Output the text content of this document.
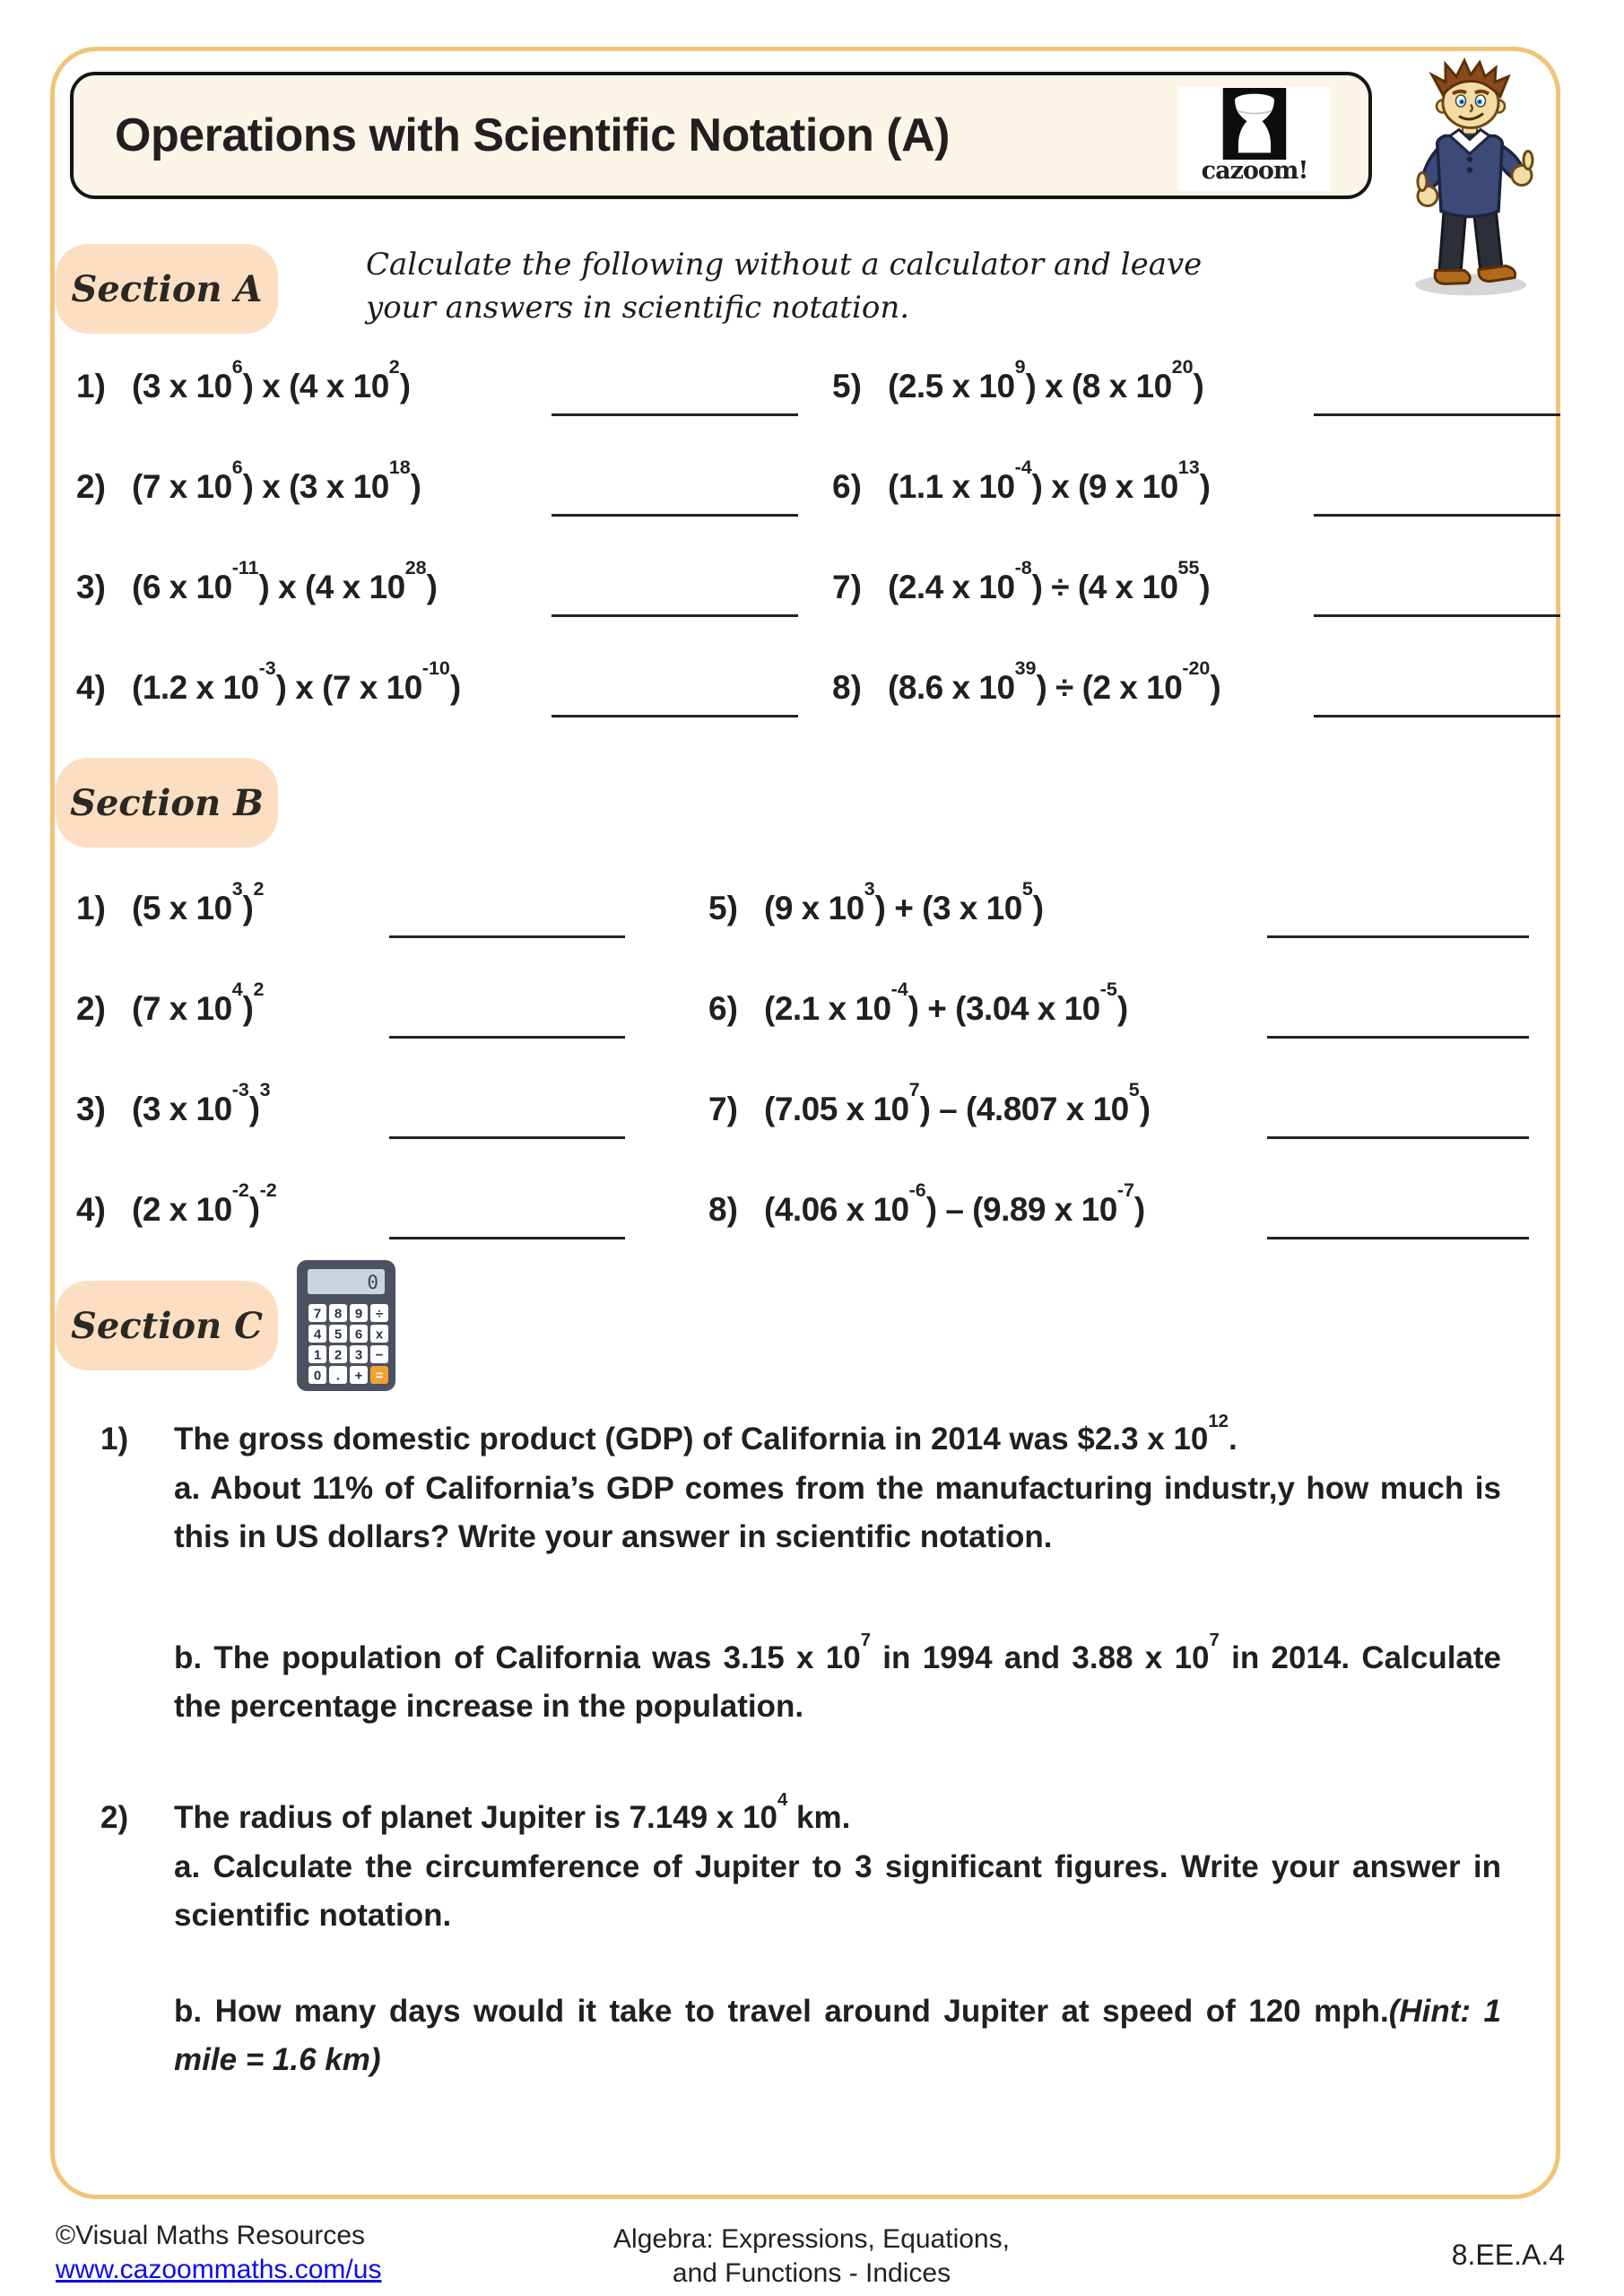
Operations with Scientific Notation (A)
cazoom!
Section A
Calculate the following without a calculator and leave your answers in scientific notation.
1) (3 x $10^6$) x (4 x $10^2$)
2) (7 x $10^6$) x (3 x $10^{18}$)
3) (6 x $10^{-11}$) x (4 x $10^{28}$)
4) (1.2 x $10^{-3}$) x (7 x $10^{-10}$)
5) (2.5 x $10^9$) x (8 x $10^{20}$)
6) (1.1 x $10^{-4}$) x (9 x $10^{13}$)
7) (2.4 x $10^{-8}) \div (4$ x $10^{55}$)
8) (8.6 x $10^{39}) \div (2$ x $10^{-20}$)
Section B
1) (5 x $10^3)^2$
2) (7 x $10^4)^2$
3) (3 x $10^{-3})^3$
4) (2 x $10^{-2})^{-2}$
5) (9 x $10^3) + (3$ x $10^5$)
6) (2.1 x $10^{-4}) + (3.04$ x $10^{-5}$)
7) (7.05 x $10^7) - (4.807$ x $10^5$)
8) (4.06 x $10^{-6}) - (9.89$ x $10^{-7}$)
Section C
0
7 8 9 ÷
4 5 6 x
1 2 3 −
0 . + =
1)	The gross domestic product (GDP) of California in 2014 was $2.3 x $10^{12}$.

a. About 11% of California’s GDP comes from the manufacturing industr,y how much is this in US dollars? Write your answer in scientific notation.

b. The population of California was 3.15 x $10^7$ in 1994 and 3.88 x $10^7$ in 2014. Calculate the percentage increase in the population.

2)	The radius of planet Jupiter is 7.149 x $10^4$ km.

a. Calculate the circumference of Jupiter to 3 significant figures. Write your answer in scientific notation.

b. How many days would it take to travel around Jupiter at speed of 120 mph.(Hint: 1 mile = 1.6 km)

©Visual Maths Resources
www.cazoommaths.com/us
Algebra: Expressions, Equations,
and Functions - Indices
8.EE.A.4
